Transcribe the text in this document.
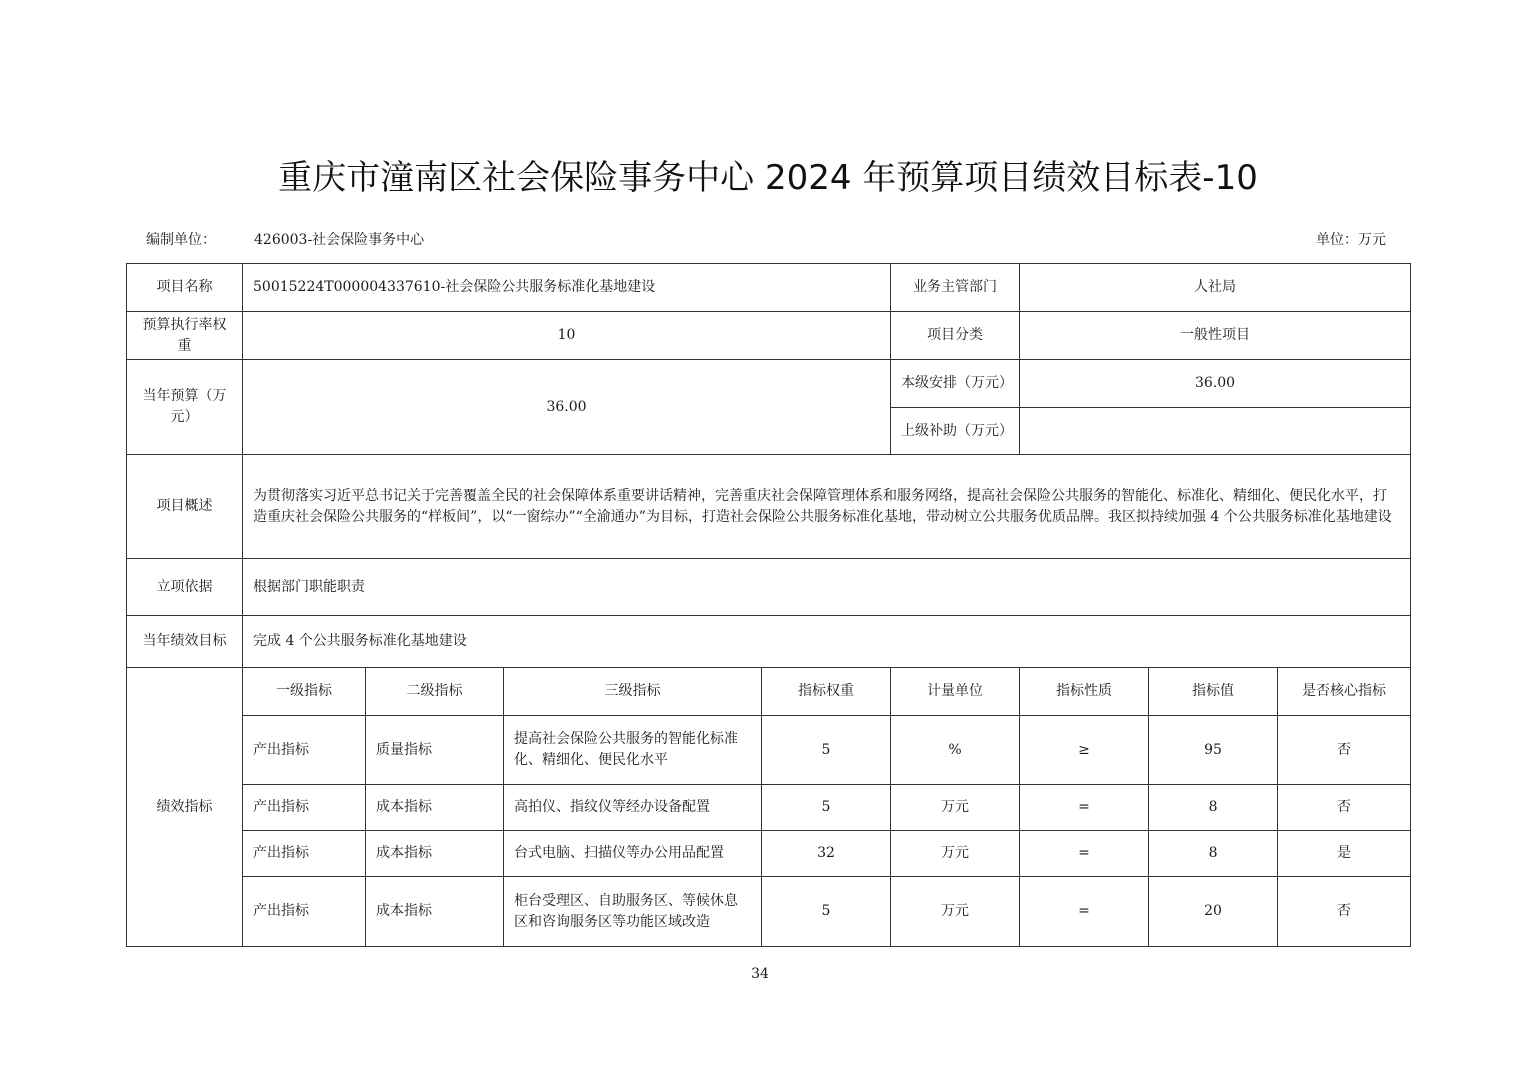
重庆市潼南区社会保险事务中心 2024 年预算项目绩效目标表-10
编制单位：	426003-社会保险事务中心	单位：万元
项目名称	50015224T000004337610-社会保险公共服务标准化基地建设				业务主管部门	人社局		
预算执行率权重	10				项目分类	一般性项目		
当年预算（万元）	36.00				本级安排（万元）	36.00		
					上级补助（万元）			
项目概述	为贯彻落实习近平总书记关于完善覆盖全民的社会保障体系重要讲话精神，完善重庆社会保障管理体系和服务网络，提高社会保险公共服务的智能化、标准化、精细化、便民化水平，打造重庆社会保险公共服务的“样板间”，以“一窗综办”“全渝通办”为目标，打造社会保险公共服务标准化基地，带动树立公共服务优质品牌。我区拟持续加强 4 个公共服务标准化基地建设							
立项依据	根据部门职能职责							
当年绩效目标	完成 4 个公共服务标准化基地建设							
绩效指标	一级指标	二级指标	三级指标	指标权重	计量单位	指标性质	指标值	是否核心指标
	产出指标	质量指标	提高社会保险公共服务的智能化标准化、精细化、便民化水平	5	%	≥	95	否
	产出指标	成本指标	高拍仪、指纹仪等经办设备配置	5	万元	=	8	否
	产出指标	成本指标	台式电脑、扫描仪等办公用品配置	32	万元	=	8	是
	产出指标	成本指标	柜台受理区、自助服务区、等候休息区和咨询服务区等功能区域改造	5	万元	=	20	否
34
